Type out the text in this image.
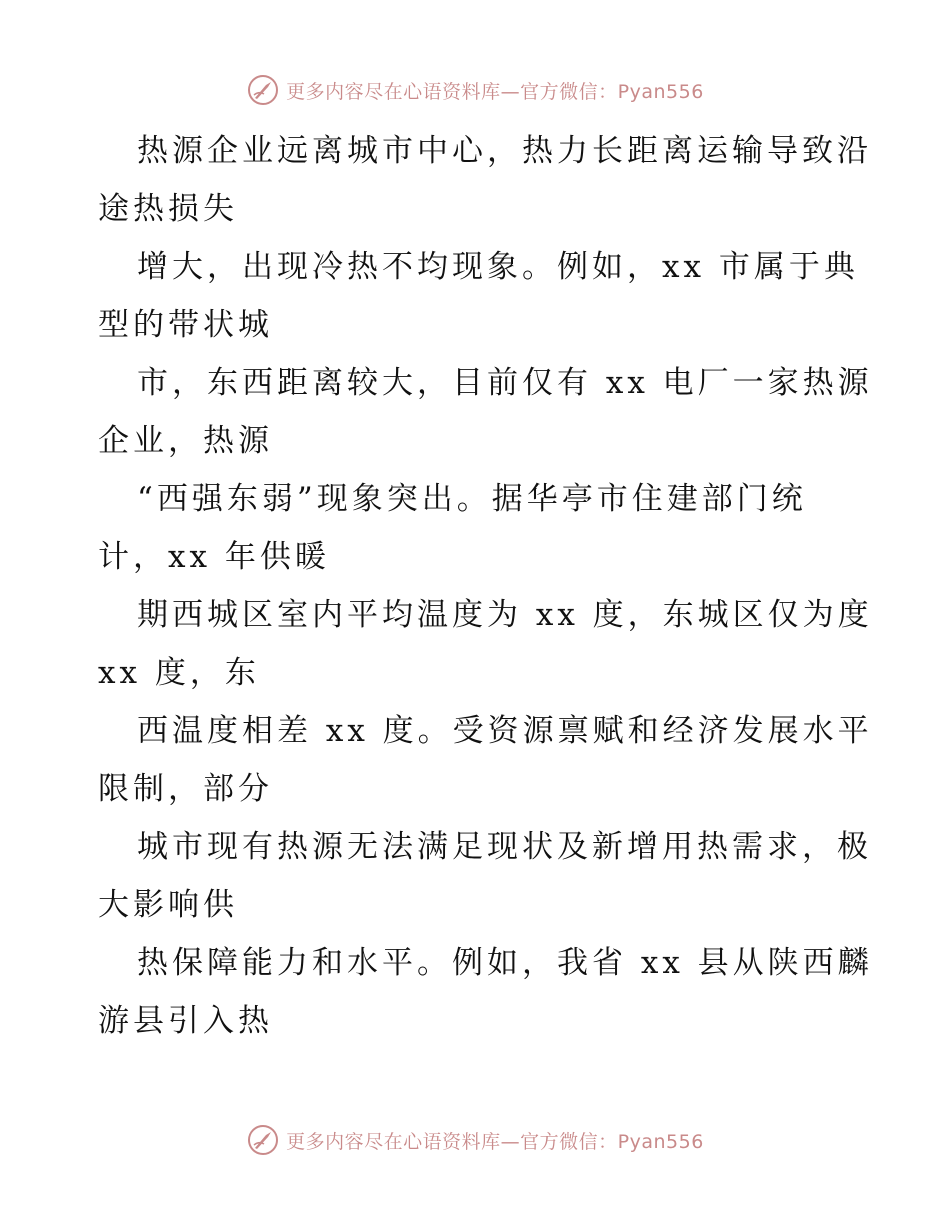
更多内容尽在心语资料库—官方微信：Pyan556
热源企业远离城市中心，热力长距离运输导致沿
途热损失
增大，出现冷热不均现象。例如，xx 市属于典
型的带状城
市，东西距离较大，目前仅有 xx 电厂一家热源
企业，热源
“西强东弱”现象突出。据华亭市住建部门统
计，xx 年供暖
期西城区室内平均温度为 xx 度，东城区仅为度
xx 度，东
西温度相差 xx 度。受资源禀赋和经济发展水平
限制，部分
城市现有热源无法满足现状及新增用热需求，极
大影响供
热保障能力和水平。例如，我省 xx 县从陕西麟
游县引入热
更多内容尽在心语资料库—官方微信：Pyan556
